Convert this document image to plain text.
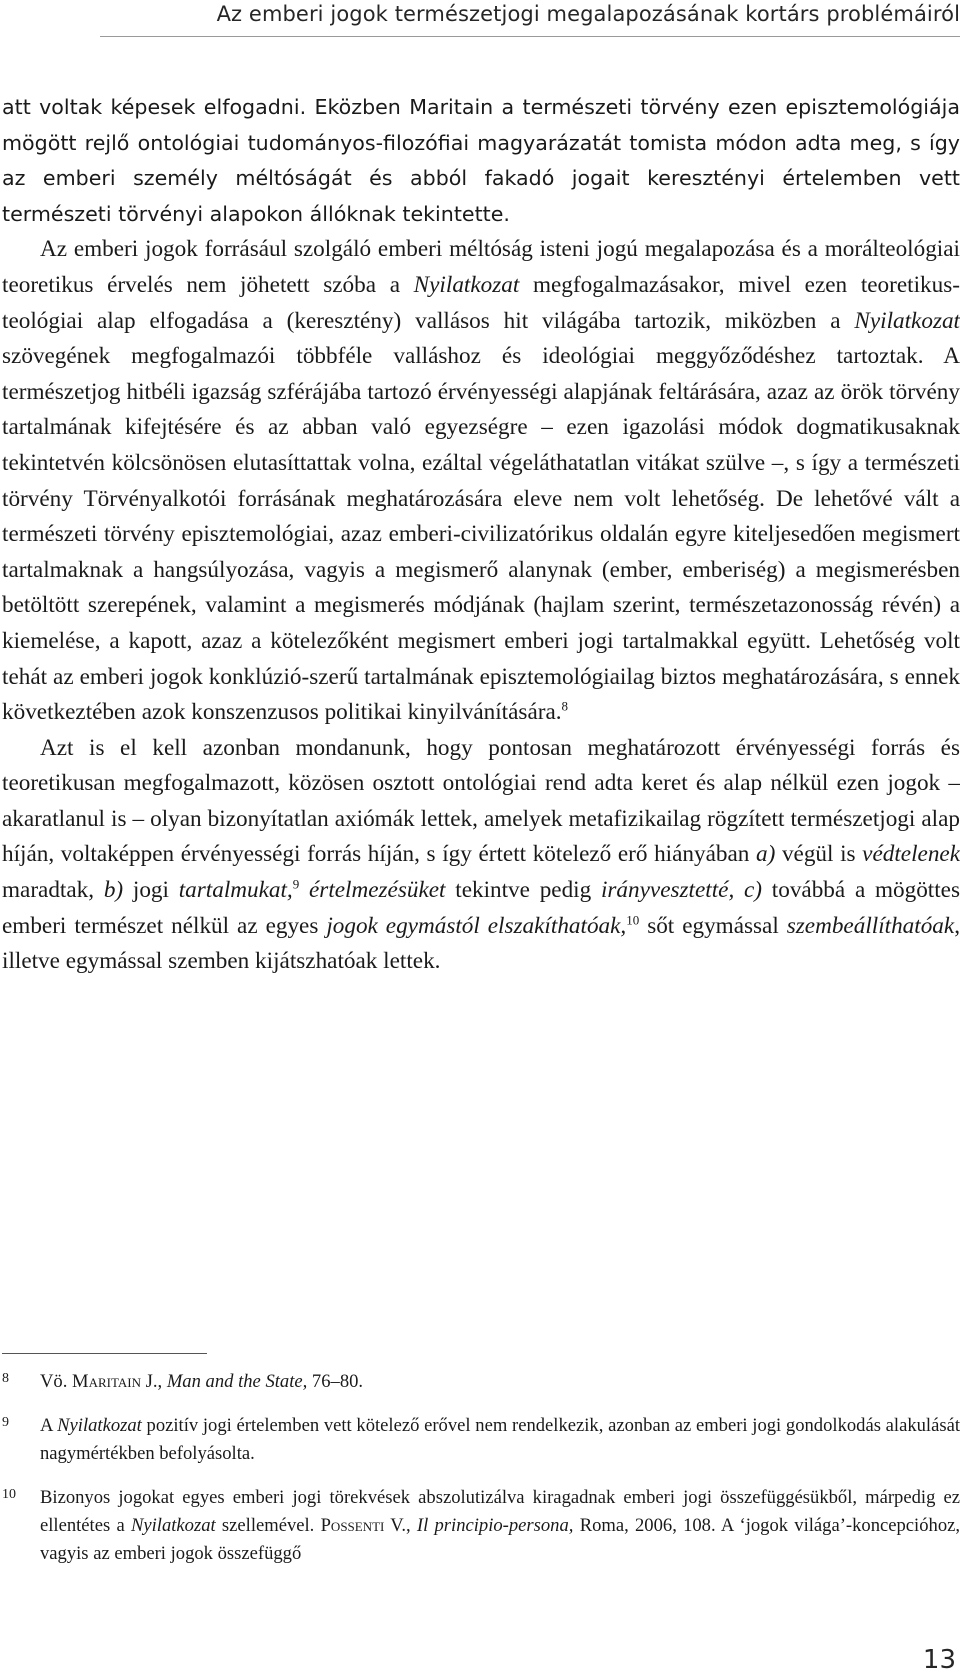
Az emberi jogok természetjogi megalapozásának kortárs problémáiról

att voltak képesek elfogadni. Eközben Maritain a természeti törvény ezen episztemológiája mögött rejlő ontológiai tudományos-filozófiai magyarázatát tomista módon adta meg, s így az emberi személy méltóságát és abból fakadó jogait keresztényi értelemben vett természeti törvényi alapokon állóknak tekintette.

Az emberi jogok forrásául szolgáló emberi méltóság isteni jogú megalapozása és a morálteológiai teoretikus érvelés nem jöhetett szóba a Nyilatkozat megfogalmazásakor, mivel ezen teoretikus-teológiai alap elfogadása a (keresztény) vallásos hit világába tartozik, miközben a Nyilatkozat szövegének megfogalmazói többféle valláshoz és ideológiai meggyőződéshez tartoztak. A természetjog hitbéli igazság szférájába tartozó érvényességi alapjának feltárására, azaz az örök törvény tartalmának kifejtésére és az abban való egyezségre – ezen igazolási módok dogmatikusaknak tekintetvén kölcsönösen elutasíttattak volna, ezáltal végeláthatatlan vitákat szülve –, s így a természeti törvény Törvényalkotói forrásának meghatározására eleve nem volt lehetőség. De lehetővé vált a természeti törvény episztemológiai, azaz emberi-civilizatórikus oldalán egyre kiteljesedően megismert tartalmaknak a hangsúlyozása, vagyis a megismerő alanynak (ember, emberiség) a megismerésben betöltött szerepének, valamint a megismerés módjának (hajlam szerint, természetazonosság révén) a kiemelése, a kapott, azaz a kötelezőként megismert emberi jogi tartalmakkal együtt. Lehetőség volt tehát az emberi jogok konklúzió-szerű tartalmának episztemológiailag biztos meghatározására, s ennek következtében azok konszenzusos politikai kinyilvánítására.$^8$

Azt is el kell azonban mondanunk, hogy pontosan meghatározott érvényességi forrás és teoretikusan megfogalmazott, közösen osztott ontológiai rend adta keret és alap nélkül ezen jogok – akaratlanul is – olyan bizonyítatlan axiómák lettek, amelyek metafizikailag rögzített természetjogi alap híján, voltaképpen érvényességi forrás híján, s így értett kötelező erő hiányában a) végül is védtelenek maradtak, b) jogi tartalmukat,$^9$ értelmezésüket tekintve pedig irányvesztetté, c) továbbá a mögöttes emberi természet nélkül az egyes jogok egymástól elszakíthatóak,$^{10}$ sőt egymással szembeállíthatóak, illetve egymással szemben kijátszhatóak lettek.

8 Vö. Maritain J., Man and the State, 76–80.
9 A Nyilatkozat pozitív jogi értelemben vett kötelező erővel nem rendelkezik, azonban az emberi jogi gondolkodás alakulását nagymértékben befolyásolta.
10 Bizonyos jogokat egyes emberi jogi törekvések abszolutizálva kiragadnak emberi jogi összefüggésükből, márpedig ez ellentétes a Nyilatkozat szellemével. Possenti V., Il principio-persona, Roma, 2006, 108. A ‘jogok világa’-koncepcióhoz, vagyis az emberi jogok összefüggő
13
